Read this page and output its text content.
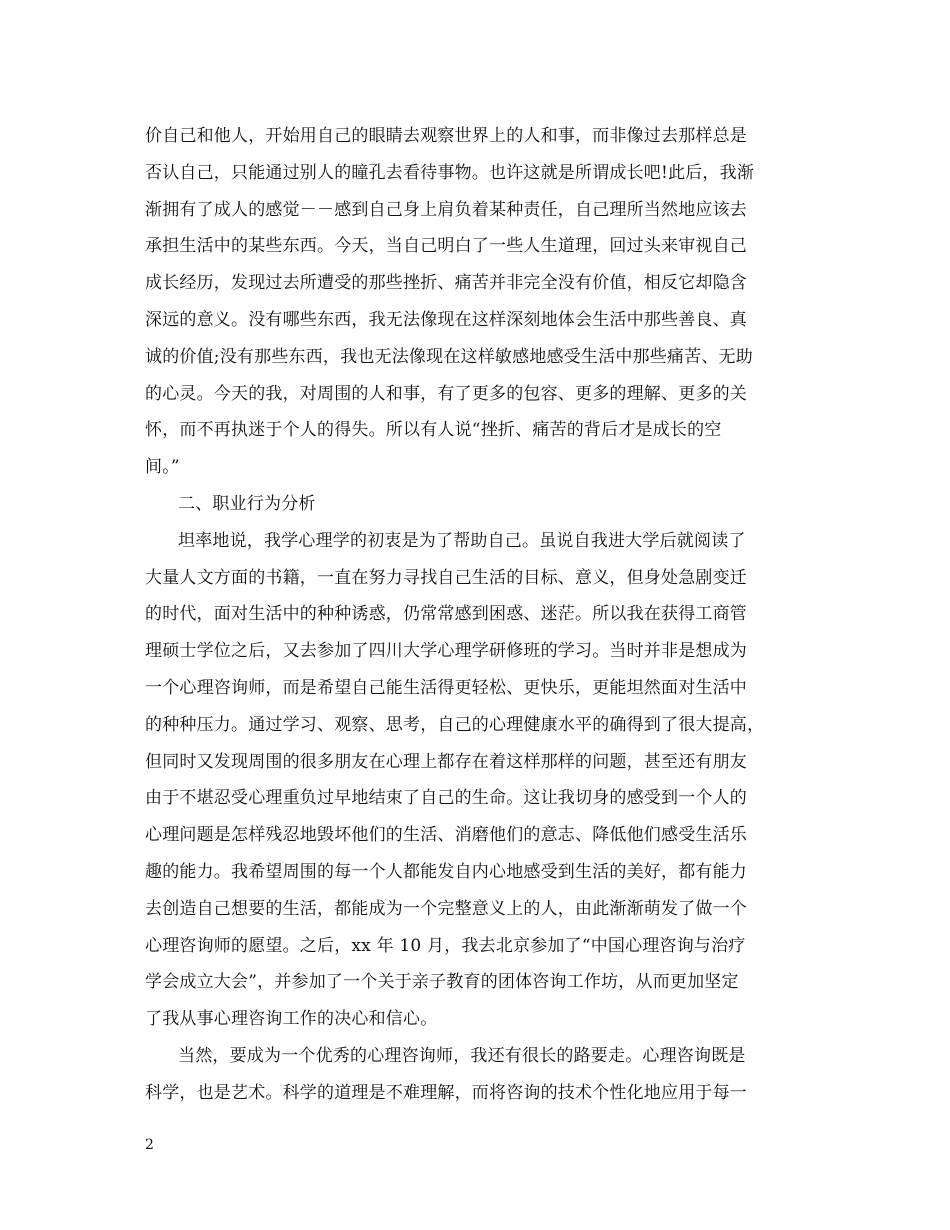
价自己和他人，开始用自己的眼睛去观察世界上的人和事，而非像过去那样总是
否认自己，只能通过别人的瞳孔去看待事物。也许这就是所谓成长吧!此后，我渐
渐拥有了成人的感觉－－感到自己身上肩负着某种责任，自己理所当然地应该去
承担生活中的某些东西。今天，当自己明白了一些人生道理，回过头来审视自己
成长经历，发现过去所遭受的那些挫折、痛苦并非完全没有价值，相反它却隐含
深远的意义。没有哪些东西，我无法像现在这样深刻地体会生活中那些善良、真
诚的价值;没有那些东西，我也无法像现在这样敏感地感受生活中那些痛苦、无助
的心灵。今天的我，对周围的人和事，有了更多的包容、更多的理解、更多的关
怀，而不再执迷于个人的得失。所以有人说“挫折、痛苦的背后才是成长的空
间。”
二、职业行为分析
坦率地说，我学心理学的初衷是为了帮助自己。虽说自我进大学后就阅读了
大量人文方面的书籍，一直在努力寻找自己生活的目标、意义，但身处急剧变迁
的时代，面对生活中的种种诱惑，仍常常感到困惑、迷茫。所以我在获得工商管
理硕士学位之后，又去参加了四川大学心理学研修班的学习。当时并非是想成为
一个心理咨询师，而是希望自己能生活得更轻松、更快乐，更能坦然面对生活中
的种种压力。通过学习、观察、思考，自己的心理健康水平的确得到了很大提高，
但同时又发现周围的很多朋友在心理上都存在着这样那样的问题，甚至还有朋友
由于不堪忍受心理重负过早地结束了自己的生命。这让我切身的感受到一个人的
心理问题是怎样残忍地毁坏他们的生活、消磨他们的意志、降低他们感受生活乐
趣的能力。我希望周围的每一个人都能发自内心地感受到生活的美好，都有能力
去创造自己想要的生活，都能成为一个完整意义上的人，由此渐渐萌发了做一个
心理咨询师的愿望。之后，xx 年 10 月，我去北京参加了“中国心理咨询与治疗
学会成立大会”，并参加了一个关于亲子教育的团体咨询工作坊，从而更加坚定
了我从事心理咨询工作的决心和信心。
当然，要成为一个优秀的心理咨询师，我还有很长的路要走。心理咨询既是
科学，也是艺术。科学的道理是不难理解，而将咨询的技术个性化地应用于每一
2
